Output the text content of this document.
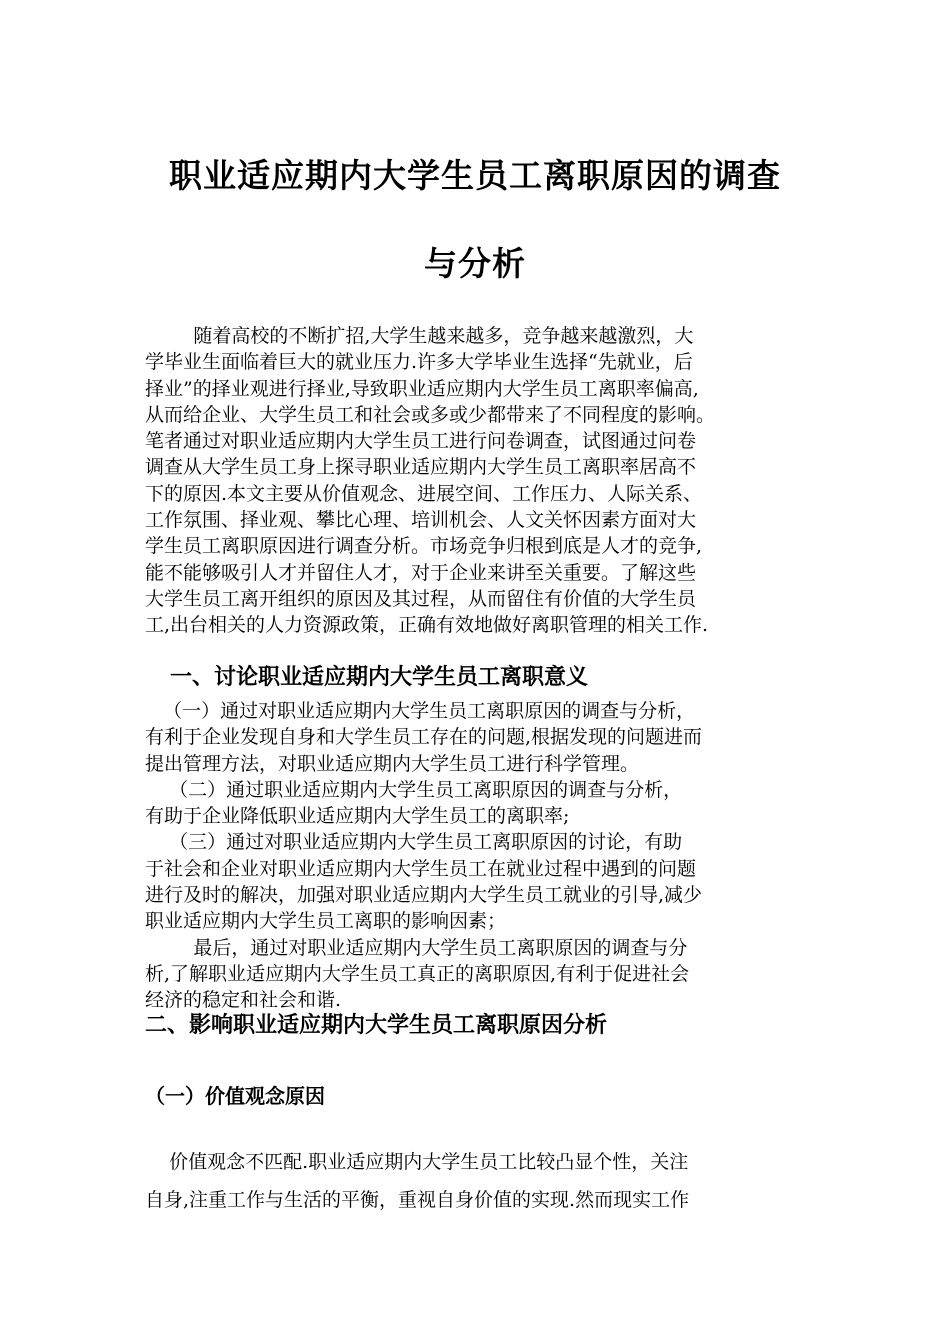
职业适应期内大学生员工离职原因的调查
与分析
随着高校的不断扩招,大学生越来越多，竞争越来越激烈，大
学毕业生面临着巨大的就业压力.许多大学毕业生选择“先就业，后
择业”的择业观进行择业,导致职业适应期内大学生员工离职率偏高,
从而给企业、大学生员工和社会或多或少都带来了不同程度的影响。
笔者通过对职业适应期内大学生员工进行问卷调查，试图通过问卷
调查从大学生员工身上探寻职业适应期内大学生员工离职率居高不
下的原因.本文主要从价值观念、进展空间、工作压力、人际关系、
工作氛围、择业观、攀比心理、培训机会、人文关怀因素方面对大
学生员工离职原因进行调查分析。市场竞争归根到底是人才的竞争,
能不能够吸引人才并留住人才，对于企业来讲至关重要。了解这些
大学生员工离开组织的原因及其过程，从而留住有价值的大学生员
工,出台相关的人力资源政策，正确有效地做好离职管理的相关工作.
一、讨论职业适应期内大学生员工离职意义
（一）通过对职业适应期内大学生员工离职原因的调查与分析，
有利于企业发现自身和大学生员工存在的问题,根据发现的问题进而
提出管理方法，对职业适应期内大学生员工进行科学管理。
（二）通过职业适应期内大学生员工离职原因的调查与分析，
有助于企业降低职业适应期内大学生员工的离职率;
（三）通过对职业适应期内大学生员工离职原因的讨论，有助
于社会和企业对职业适应期内大学生员工在就业过程中遇到的问题
进行及时的解决，加强对职业适应期内大学生员工就业的引导,减少
职业适应期内大学生员工离职的影响因素；
最后，通过对职业适应期内大学生员工离职原因的调查与分
析,了解职业适应期内大学生员工真正的离职原因,有利于促进社会
经济的稳定和社会和谐.
二、影响职业适应期内大学生员工离职原因分析
（一）价值观念原因
价值观念不匹配.职业适应期内大学生员工比较凸显个性，关注
自身,注重工作与生活的平衡，重视自身价值的实现.然而现实工作
